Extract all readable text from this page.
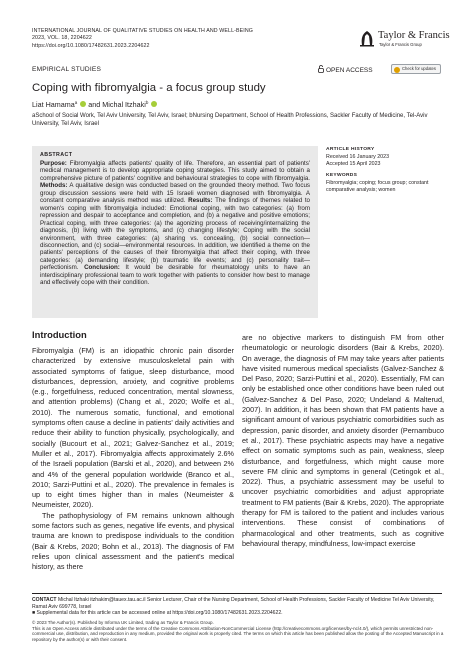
INTERNATIONAL JOURNAL OF QUALITATIVE STUDIES ON HEALTH AND WELL-BEING
2023, VOL. 18, 2204622
https://doi.org/10.1080/17482631.2023.2204622
Taylor & Francis
Taylor & Francis Group
EMPIRICAL STUDIES	OPEN ACCESS	Check for updates
Coping with fibromyalgia - a focus group study
Liat Hamama$^a$ and Michal Itzhaki$^b$
aSchool of Social Work, Tel Aviv University, Tel Aviv, Israel; bNursing Department, School of Health Professions, Sackler Faculty of Medicine, Tel-Aviv University, Tel Aviv, Israel
ABSTRACT
Purpose: Fibromyalgia affects patients' quality of life. Therefore, an essential part of patients' medical management is to develop appropriate coping strategies. This study aimed to obtain a comprehensive picture of patients' cognitive and behavioural strategies to cope with fibromyalgia. Methods: A qualitative design was conducted based on the grounded theory method. Two focus group discussion sessions were held with 15 Israeli women diagnosed with fibromyalgia. A constant comparative analysis method was utilized. Results: The findings of themes related to women's coping with fibromyalgia included: Emotional coping, with two categories: (a) from repression and despair to acceptance and completion, and (b) a negative and positive emotions; Practical coping, with three categories: (a) the agonizing process of receiving/internalizing the diagnosis, (b) living with the symptoms, and (c) changing lifestyle; Coping with the social environment, with three categories: (a) sharing vs. concealing, (b) social connection—disconnection, and (c) social—environmental resources. In addition, we identified a theme on the patients' perceptions of the causes of their fibromyalgia that affect their coping, with three categories: (a) demanding lifestyle; (b) traumatic life events; and (c) personality trait—perfectionism. Conclusion: It would be desirable for rheumatology units to have an interdisciplinary professional team to work together with patients to consider how best to manage and effectively cope with their condition.
ARTICLE HISTORY
Received 16 January 2023
Accepted 15 April 2023
KEYWORDS
Fibromyalgia; coping; focus group; constant comparative analysis; women
Introduction

Fibromyalgia (FM) is an idiopathic chronic pain disorder characterized by extensive musculoskeletal pain with associated symptoms of fatigue, sleep disturbance, mood disturbances, depression, anxiety, and cognitive problems (e.g., forgetfulness, reduced concentration, mental slowness, and attention problems) (Chang et al., 2020; Wolfe et al., 2010). The numerous somatic, functional, and emotional symptoms often cause a decline in patients' daily activities and reduce their ability to function physically, psychologically, and socially (Bucourt et al., 2021; Galvez-Sanchez et al., 2019; Muller et al., 2017). Fibromyalgia affects approximately 2.6% of the Israeli population (Barski et al., 2020), and between 2% and 4% of the general population worldwide (Branco et al., 2010; Sarzi-Puttini et al., 2020). The prevalence in females is up to eight times higher than in males (Neumeister & Neumeister, 2020).

The pathophysiology of FM remains unknown although some factors such as genes, negative life events, and physical trauma are known to predispose individuals to the condition (Bair & Krebs, 2020; Bohn et al., 2013). The diagnosis of FM relies upon clinical assessment and the patient's medical history, as there

are no objective markers to distinguish FM from other rheumatologic or neurologic disorders (Bair & Krebs, 2020). On average, the diagnosis of FM may take years after patients have visited numerous medical specialists (Galvez-Sanchez & Del Paso, 2020; Sarzi-Puttini et al., 2020). Essentially, FM can only be established once other conditions have been ruled out (Galvez-Sanchez & Del Paso, 2020; Undeland & Malterud, 2007). In addition, it has been shown that FM patients have a significant amount of various psychiatric comorbidities such as depression, panic disorder, and anxiety disorder (Pernambuco et al., 2017). These psychiatric aspects may have a negative effect on somatic symptoms such as pain, weakness, sleep disturbance, and forgetfulness, which might cause more severe FM clinic and symptoms in general (Cetingok et al., 2022). Thus, a psychiatric assessment may be useful to uncover psychiatric comorbidities and adjust appropriate treatment to FM patients (Bair & Krebs, 2020). The appropriate therapy for FM is tailored to the patient and includes various interventions. These consist of combinations of pharmacological and other treatments, such as cognitive behavioural therapy, mindfulness, low-impact exercise

CONTACT Michal Itzhaki itzhakim@tauex.tau.ac.il Senior Lecturer, Chair of the Nursing Department, School of Health Professions, Sackler Faculty of Medicine Tel Aviv University, Ramat Aviv 699778, Israel
■ Supplemental data for this article can be accessed online at https://doi.org/10.1080/17482631.2023.2204622.
© 2023 The Author(s). Published by Informa UK Limited, trading as Taylor & Francis Group.
This is an Open Access article distributed under the terms of the Creative Commons Attribution-NonCommercial License (http://creativecommons.org/licenses/by-nc/4.0/), which permits unrestricted non-commercial use, distribution, and reproduction in any medium, provided the original work is properly cited. The terms on which this article has been published allow the posting of the Accepted Manuscript in a repository by the author(s) or with their consent.
